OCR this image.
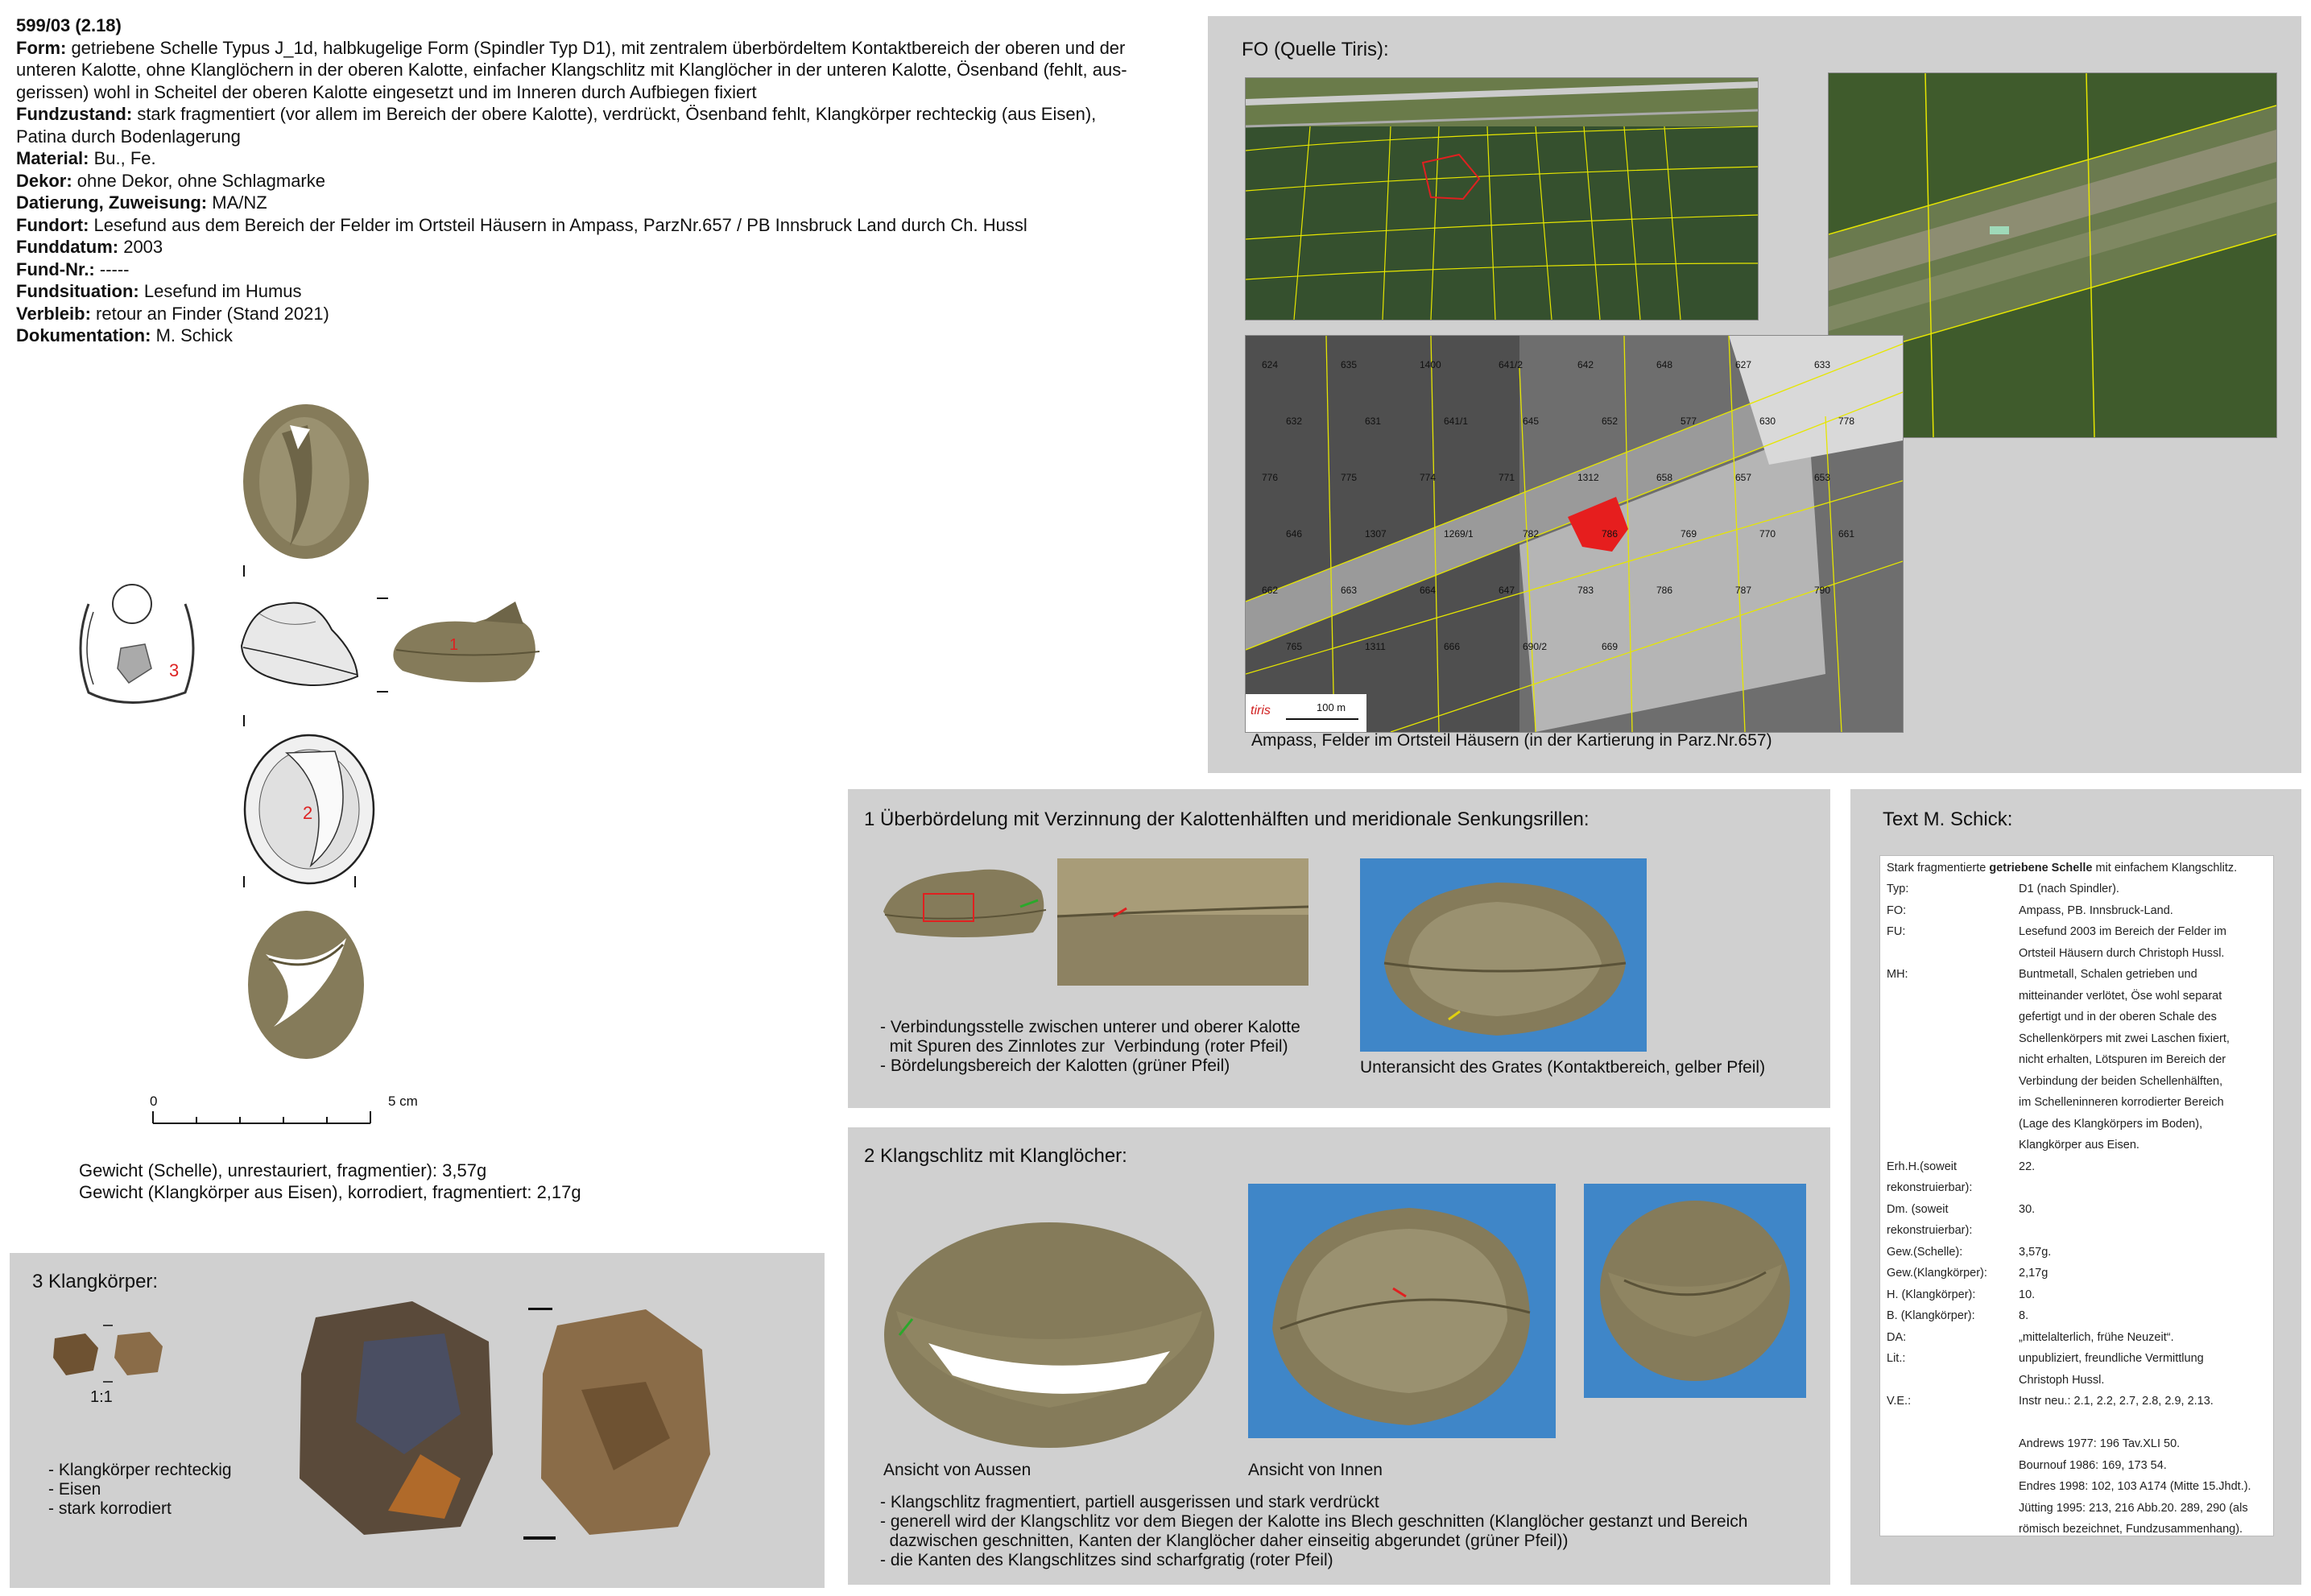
599/03 (2.18)
Form: getriebene Schelle Typus J_1d, halbkugelige Form (Spindler Typ D1), mit zentralem überbördeltem Kontaktbereich der oberen und der
unteren Kalotte, ohne Klanglöchern in der oberen Kalotte, einfacher Klangschlitz mit Klanglöcher in der unteren Kalotte, Ösenband (fehlt, aus-
gerissen) wohl in Scheitel der oberen Kalotte eingesetzt und im Inneren durch Aufbiegen fixiert
Fundzustand: stark fragmentiert (vor allem im Bereich der obere Kalotte), verdrückt, Ösenband fehlt, Klangkörper rechteckig (aus Eisen),
Patina durch Bodenlagerung
Material: Bu., Fe.
Dekor: ohne Dekor, ohne Schlagmarke
Datierung, Zuweisung: MA/NZ
Fundort: Lesefund aus dem Bereich der Felder im Ortsteil Häusern in Ampass, ParzNr.657 / PB Innsbruck Land durch Ch. Hussl
Funddatum: 2003
Fund-Nr.: -----
Fundsituation: Lesefund im Humus
Verbleib: retour an Finder (Stand 2021)
Dokumentation: M. Schick
3
1
2
0	5 cm
Gewicht (Schelle), unrestauriert, fragmentier): 3,57g
Gewicht (Klangkörper aus Eisen), korrodiert, fragmentiert: 2,17g
FO (Quelle Tiris):
624	635	1400	641/2	642	648	627	633
632	631	641/1	645	652	577	630	778
776	775	774	771	1312	658	657	653
646	1307	1269/1	782	786	769	770	661
662	663	664	647	783	786	787	790
765	1311	666	690/2	669
tiris	100 m
Ampass, Felder im Ortsteil Häusern (in der Kartierung in Parz.Nr.657)
1 Überbördelung mit Verzinnung der Kalottenhälften und meridionale Senkungsrillen:
- Verbindungsstelle zwischen unterer und oberer Kalotte
mit Spuren des Zinnlotes zur  Verbindung (roter Pfeil)
- Bördelungsbereich der Kalotten (grüner Pfeil)	Unteransicht des Grates (Kontaktbereich, gelber Pfeil)
2 Klangschlitz mit Klanglöcher:
Ansicht von Aussen	Ansicht von Innen
- Klangschlitz fragmentiert, partiell ausgerissen und stark verdrückt
- generell wird der Klangschlitz vor dem Biegen der Kalotte ins Blech geschnitten (Klanglöcher gestanzt und Bereich
dazwischen geschnitten, Kanten der Klanglöcher daher einseitig abgerundet (grüner Pfeil))
- die Kanten des Klangschlitzes sind scharfgratig (roter Pfeil)
3 Klangkörper:
1:1
- Klangkörper rechteckig
- Eisen
- stark korrodiert
Text M. Schick:
Stark fragmentierte getriebene Schelle mit einfachem Klangschlitz.
Typ:	D1 (nach Spindler).
FO:	Ampass, PB. Innsbruck-Land.
FU:	Lesefund 2003 im Bereich der Felder im
Ortsteil Häusern durch Christoph Hussl.
MH:	Buntmetall, Schalen getrieben und
mitteinander verlötet, Öse wohl separat
gefertigt und in der oberen Schale des
Schellenkörpers mit zwei Laschen fixiert,
nicht erhalten, Lötspuren im Bereich der
Verbindung der beiden Schellenhälften,
im Schelleninneren korrodierter Bereich
(Lage des Klangkörpers im Boden),
Klangkörper aus Eisen.
Erh.H.(soweit	22.
rekonstruierbar):
Dm. (soweit	30.
rekonstruierbar):
Gew.(Schelle):	3,57g.
Gew.(Klangkörper):	2,17g
H. (Klangkörper):	10.
B. (Klangkörper):	8.
DA:	„mittelalterlich, frühe Neuzeit“.
Lit.:	unpubliziert, freundliche Vermittlung
Christoph Hussl.
V.E.:	Instr neu.: 2.1, 2.2, 2.7, 2.8, 2.9, 2.13.
Andrews 1977: 196 Tav.XLI 50.
Bournouf 1986: 169, 173 54.
Endres 1998: 102, 103 A174 (Mitte 15.Jhdt.).
Jütting 1995: 213, 216 Abb.20. 289, 290 (als
römisch bezeichnet, Fundzusammenhang).
